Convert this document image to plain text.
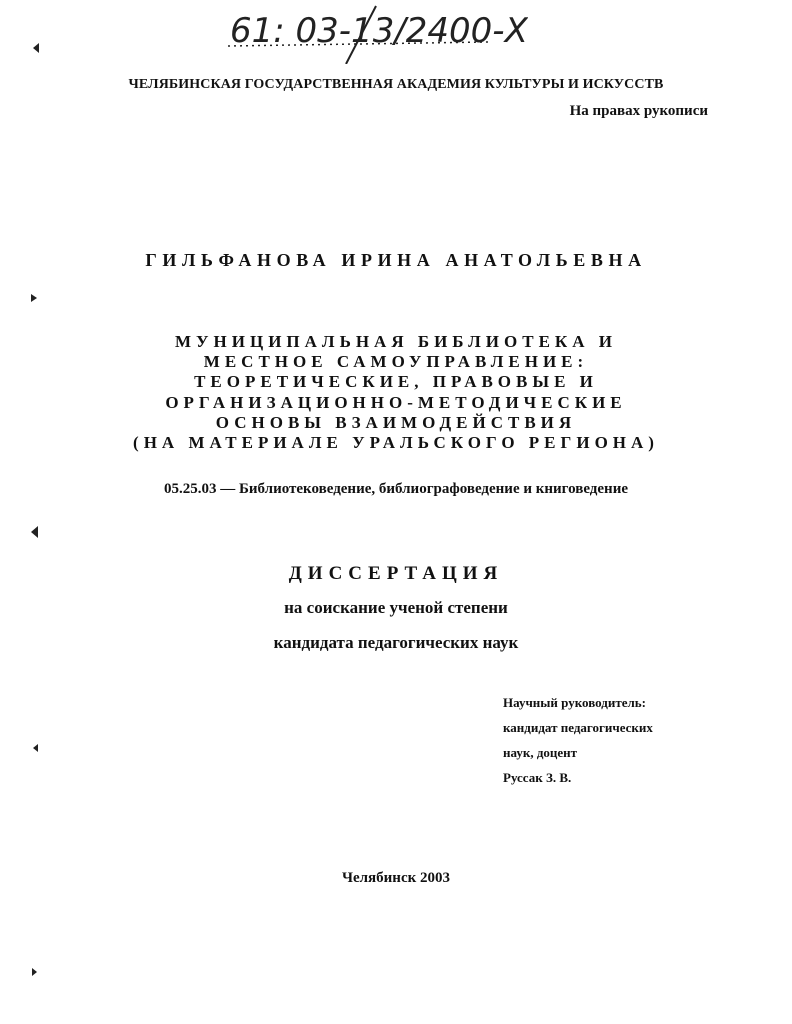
61: 03-13/2400-Х
ЧЕЛЯБИНСКАЯ ГОСУДАРСТВЕННАЯ АКАДЕМИЯ КУЛЬТУРЫ И ИСКУССТВ
На правах рукописи
ГИЛЬФАНОВА ИРИНА АНАТОЛЬЕВНА
МУНИЦИПАЛЬНАЯ БИБЛИОТЕКА И
МЕСТНОЕ САМОУПРАВЛЕНИЕ:
ТЕОРЕТИЧЕСКИЕ, ПРАВОВЫЕ И
ОРГАНИЗАЦИОННО-МЕТОДИЧЕСКИЕ
ОСНОВЫ ВЗАИМОДЕЙСТВИЯ
(НА МАТЕРИАЛЕ УРАЛЬСКОГО РЕГИОНА)
05.25.03 — Библиотековедение, библиографоведение и книговедение
ДИССЕРТАЦИЯ
на соискание ученой степени
кандидата педагогических наук
Научный руководитель:
кандидат педагогических
наук, доцент
Руссак З. В.
Челябинск 2003
